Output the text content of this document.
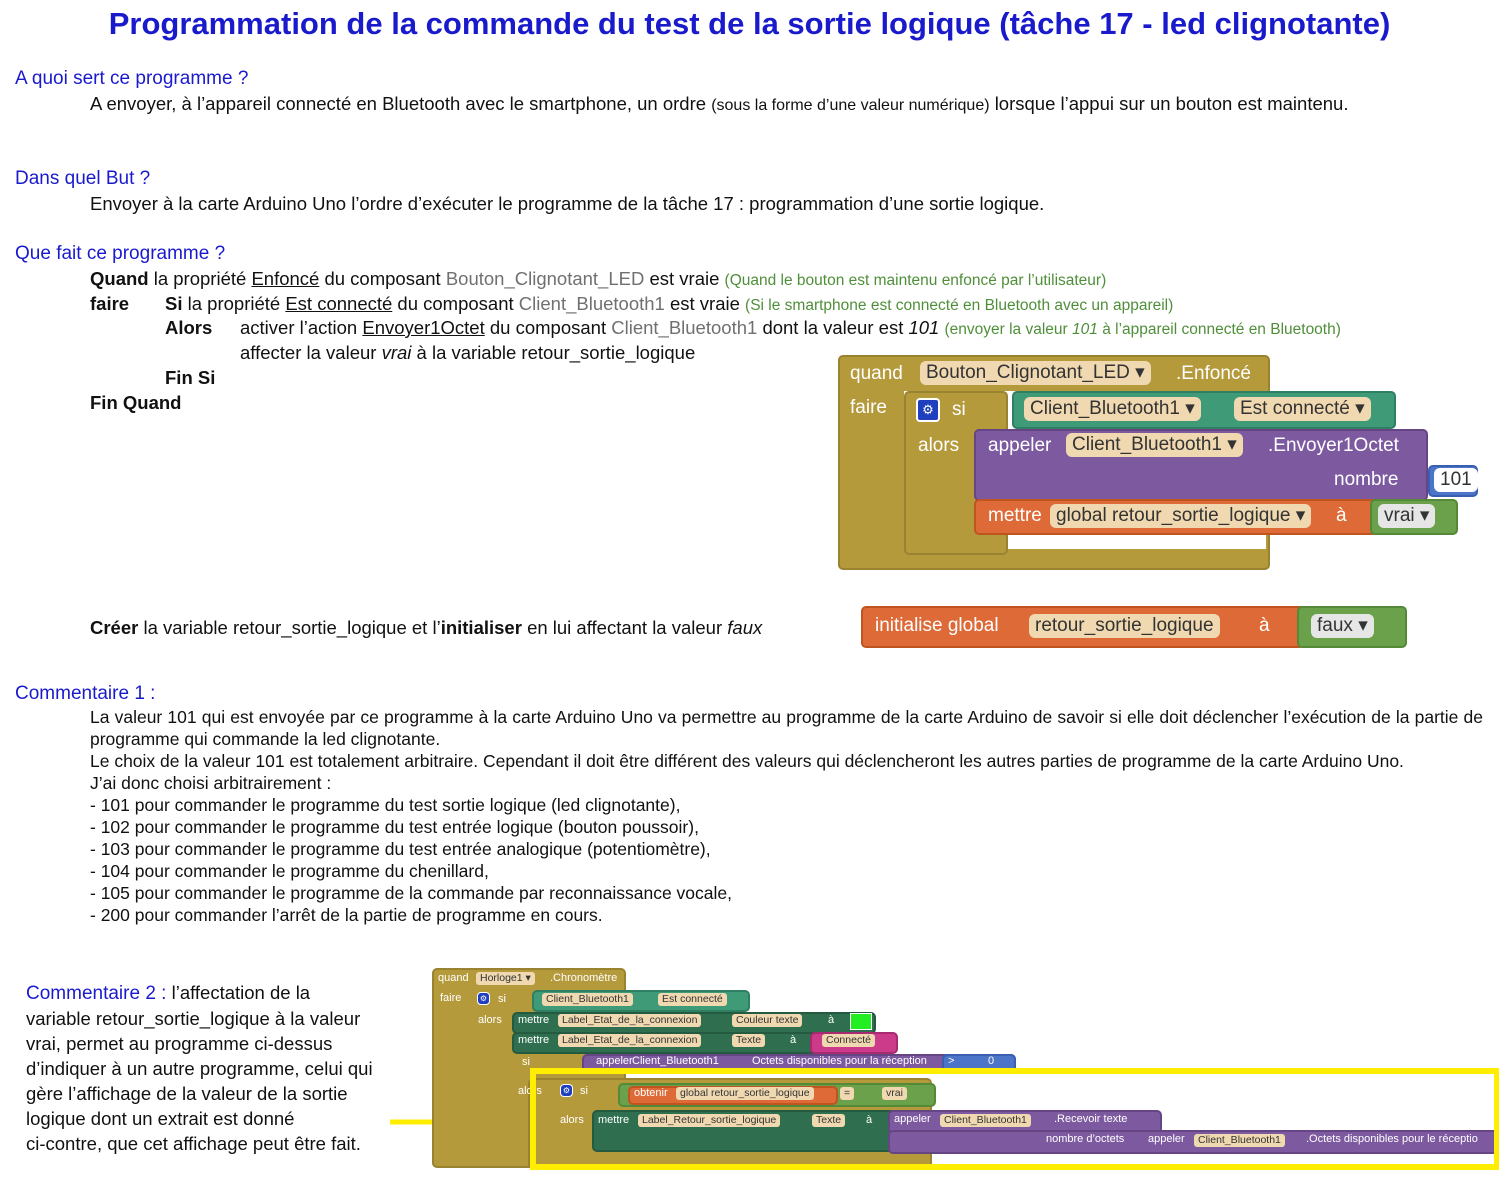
Programmation de la commande du test de la sortie logique (tâche 17 - led clignotante)
A quoi sert ce programme ?
A envoyer, à l’appareil connecté en Bluetooth avec le smartphone, un ordre (sous la forme d’une valeur numérique) lorsque l’appui sur un bouton est maintenu.
Dans quel But ?
Envoyer à la carte Arduino Uno l’ordre d’exécuter le programme de la tâche 17 : programmation d’une sortie logique.
Que fait ce programme ?
Quand la propriété Enfoncé du composant Bouton_Clignotant_LED est vraie (Quand le bouton est maintenu enfoncé par l’utilisateur)
faire Si la propriété Est connecté du composant Client_Bluetooth1 est vraie (Si le smartphone est connecté en Bluetooth avec un appareil)
Alors activer l’action Envoyer1Octet du composant Client_Bluetooth1 dont la valeur est 101 (envoyer la valeur 101 à l’appareil connecté en Bluetooth)
affecter la valeur vrai à la variable retour_sortie_logique
Fin Si
Fin Quand
quand	Bouton_Clignotant_LED ▾	.Enfoncé
faire	⚙ si
alors
Client_Bluetooth1 ▾	Est connecté ▾
appeler	Client_Bluetooth1 ▾	.Envoyer1Octet
nombre	101
mettre global retour_sortie_logique ▾	à	vrai ▾
Créer la variable retour_sortie_logique et l’initialiser en lui affectant la valeur faux	initialise global	retour_sortie_logique	à	faux ▾
Commentaire 1 :
La valeur 101 qui est envoyée par ce programme à la carte Arduino Uno va permettre au programme de la carte Arduino de savoir si elle doit déclencher l’exécution de la partie de programme qui commande la led clignotante.
Le choix de la valeur 101 est totalement arbitraire. Cependant il doit être différent des valeurs qui déclencheront les autres parties de programme de la carte Arduino Uno.
J’ai donc choisi arbitrairement :
- 101 pour commander le programme du test sortie logique (led clignotante),
- 102 pour commander le programme du test entrée logique (bouton poussoir),
- 103 pour commander le programme du test entrée analogique (potentiomètre),
- 104 pour commander le programme du chenillard,
- 105 pour commander le programme de la commande par reconnaissance vocale,
- 200 pour commander l’arrêt de la partie de programme en cours.
Commentaire 2 : l’affectation de la
variable retour_sortie_logique à la valeur
vrai, permet au programme ci-dessus
d’indiquer à un autre programme, celui qui
gère l’affichage de la valeur de la sortie
logique dont un extrait est donné
ci-contre, que cet affichage peut être fait.
quand	Horloge1 ▾	.Chronomètre
faire	⚙ si	Client_Bluetooth1	Est connecté
alors mettre	Label_Etat_de_la_connexion	Couleur texte	à
mettre	Label_Etat_de_la_connexion	Texte	à	Connecté
appeler Client_Bluetooth1	Octets disponibles pour la réception >	0
si
⚙ si
alors	obtenir	global retour_sortie_logique	=	vrai
alors mettre	Label_Retour_sortie_logique	Texte	à appeler	Client_Bluetooth1	.Recevoir texte
nombre d’octets appeler	Client_Bluetooth1	.Octets disponibles pour le réceptio
